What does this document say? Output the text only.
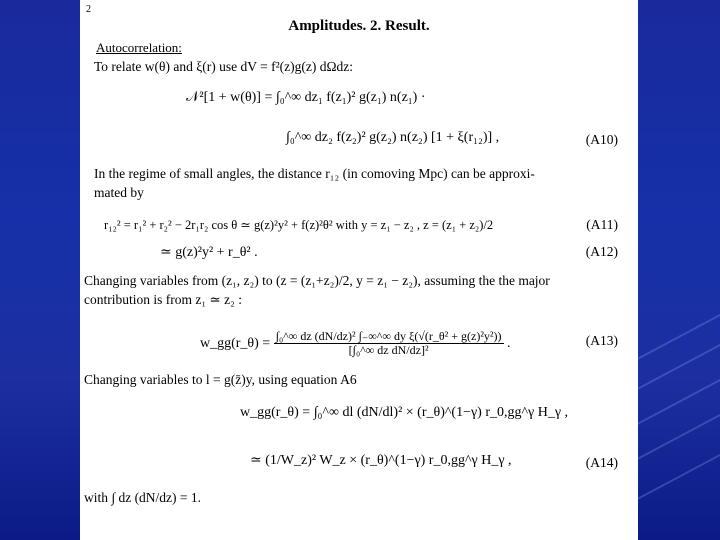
2
Amplitudes. 2. Result.
Autocorrelation:
To relate w(θ) and ξ(r) use dV = f²(z)g(z) dΩdz:
𝒩²[1 + w(θ)] = ∫₀^∞ dz₁ f(z₁)² g(z₁) n(z₁) ·
∫₀^∞ dz₂ f(z₂)² g(z₂) n(z₂) [1 + ξ(r₁₂)] ,	(A10)
In the regime of small angles, the distance r₁₂ (in comoving Mpc) can be approxi-
mated by
r₁₂² = r₁² + r₂² − 2r₁r₂ cos θ ≃ g(z)²y² + f(z)²θ² with y = z₁ − z₂ , z = (z₁ + z₂)/2	(A11)
≃ g(z)²y² + r_θ² .	(A12)
Changing variables from (z₁, z₂) to (z = (z₁+z₂)/2, y = z₁ − z₂), assuming the the major
contribution is from z₁ ≃ z₂ :
w_gg(r_θ) = $\frac{\text{∫₀\textasciicircum{}∞ dz (dN/dz)² ∫₋∞\textasciicircum{}∞ dy ξ(√(r\_θ² + g(z)²y²))}}{\text{[∫₀\textasciicircum{}∞ dz dN/dz]²}}$ .	(A13)
Changing variables to l = g(z̄)y, using equation A6
w_gg(r_θ) = ∫₀^∞ dl (dN/dl)² × (r_θ)^(1−γ) r_0,gg^γ H_γ ,
≃ (1/W_z)² W_z × (r_θ)^(1−γ) r_0,gg^γ H_γ ,	(A14)
with ∫ dz (dN/dz) = 1.
